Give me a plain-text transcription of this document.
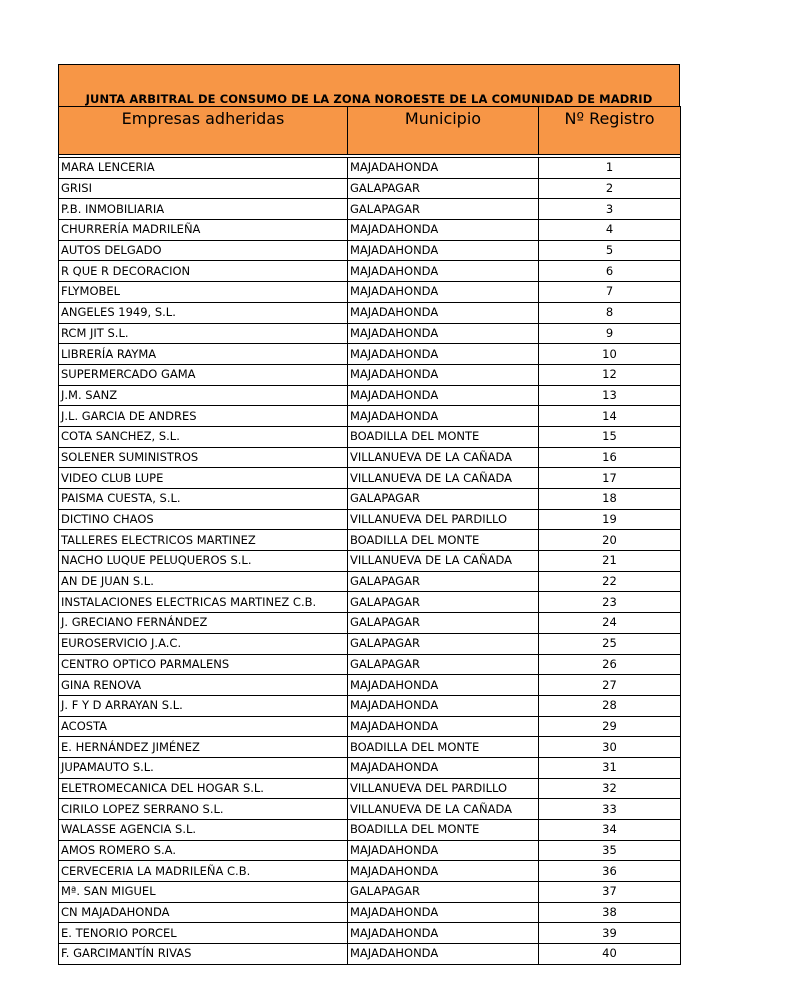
JUNTA ARBITRAL DE CONSUMO DE LA ZONA NOROESTE DE LA COMUNIDAD DE MADRID
Empresas adheridas	Municipio	Nº Registro

MARA LENCERIA	MAJADAHONDA	1
GRISI	GALAPAGAR	2
P.B. INMOBILIARIA	GALAPAGAR	3
CHURRERÍA MADRILEÑA	MAJADAHONDA	4
AUTOS DELGADO	MAJADAHONDA	5
R QUE R DECORACION	MAJADAHONDA	6
FLYMOBEL	MAJADAHONDA	7
ANGELES 1949, S.L.	MAJADAHONDA	8
RCM JIT S.L.	MAJADAHONDA	9
LIBRERÍA RAYMA	MAJADAHONDA	10
SUPERMERCADO GAMA	MAJADAHONDA	12
J.M. SANZ	MAJADAHONDA	13
J.L. GARCIA DE ANDRES	MAJADAHONDA	14
COTA SANCHEZ, S.L.	BOADILLA DEL MONTE	15
SOLENER SUMINISTROS	VILLANUEVA DE LA CAÑADA	16
VIDEO CLUB LUPE	VILLANUEVA DE LA CAÑADA	17
PAISMA CUESTA, S.L.	GALAPAGAR	18
DICTINO CHAOS	VILLANUEVA DEL PARDILLO	19
TALLERES ELECTRICOS MARTINEZ	BOADILLA DEL MONTE	20
NACHO LUQUE PELUQUEROS S.L.	VILLANUEVA DE LA CAÑADA	21
AN DE JUAN S.L.	GALAPAGAR	22
INSTALACIONES ELECTRICAS MARTINEZ C.B.	GALAPAGAR	23
J. GRECIANO FERNÁNDEZ	GALAPAGAR	24
EUROSERVICIO J.A.C.	GALAPAGAR	25
CENTRO OPTICO PARMALENS	GALAPAGAR	26
GINA RENOVA	MAJADAHONDA	27
J. F Y D ARRAYAN S.L.	MAJADAHONDA	28
ACOSTA	MAJADAHONDA	29
E. HERNÁNDEZ JIMÉNEZ	BOADILLA DEL MONTE	30
JUPAMAUTO S.L.	MAJADAHONDA	31
ELETROMECANICA DEL HOGAR S.L.	VILLANUEVA DEL PARDILLO	32
CIRILO LOPEZ SERRANO S.L.	VILLANUEVA DE LA CAÑADA	33
WALASSE AGENCIA S.L.	BOADILLA DEL MONTE	34
AMOS ROMERO S.A.	MAJADAHONDA	35
CERVECERIA LA MADRILEÑA C.B.	MAJADAHONDA	36
Mª. SAN MIGUEL	GALAPAGAR	37
CN MAJADAHONDA	MAJADAHONDA	38
E. TENORIO PORCEL	MAJADAHONDA	39
F. GARCIMANTÍN RIVAS	MAJADAHONDA	40
